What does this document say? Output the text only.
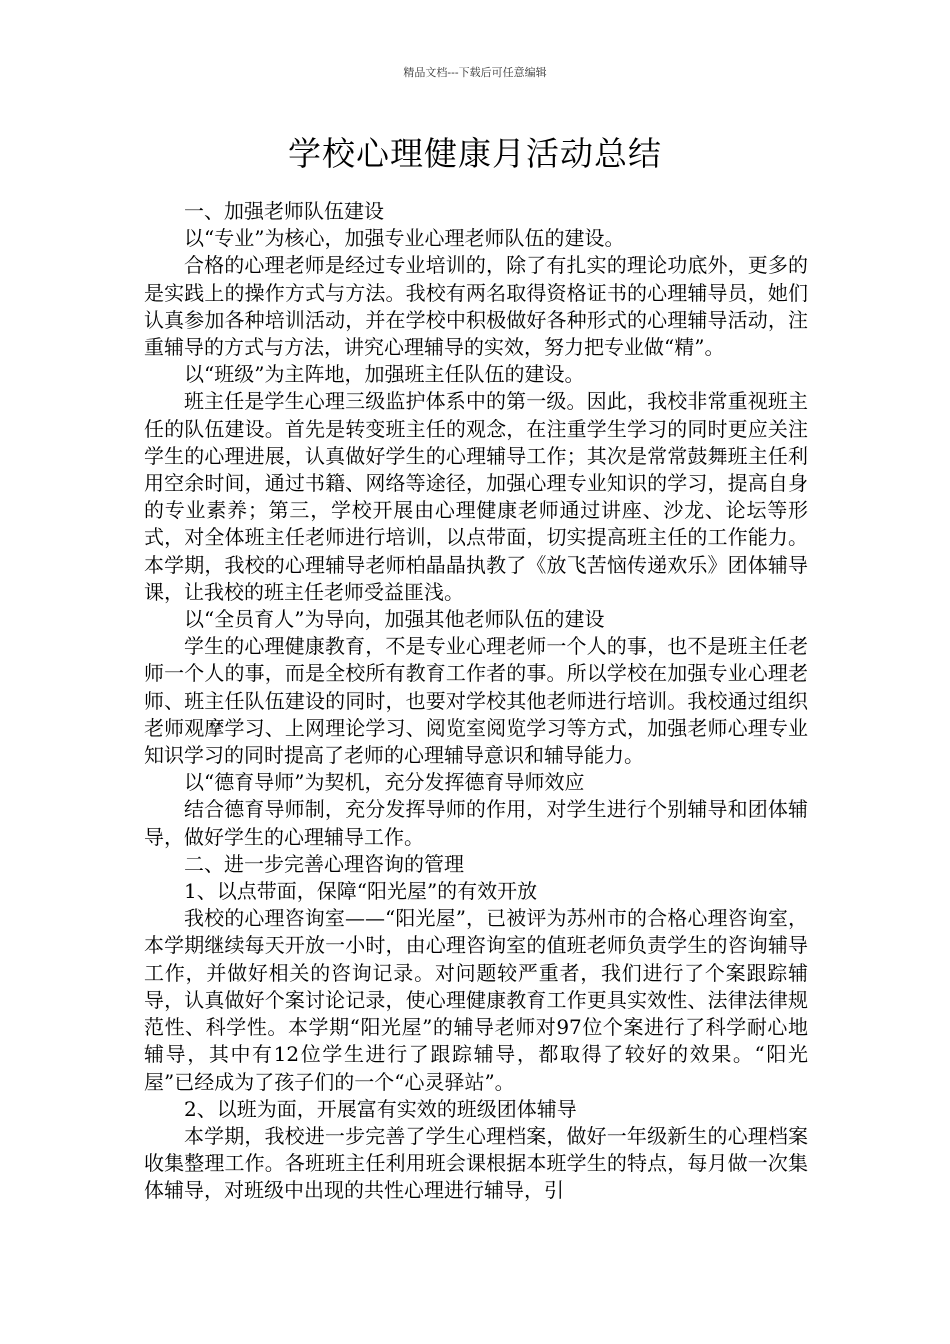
精品文档---下载后可任意编辑
学校心理健康月活动总结

一、加强老师队伍建设

以“专业”为核心，加强专业心理老师队伍的建设。

合格的心理老师是经过专业培训的，除了有扎实的理论功底外，更多的是实践上的操作方式与方法。我校有两名取得资格证书的心理辅导员，她们认真参加各种培训活动，并在学校中积极做好各种形式的心理辅导活动，注重辅导的方式与方法，讲究心理辅导的实效，努力把专业做“精”。

以“班级”为主阵地，加强班主任队伍的建设。

班主任是学生心理三级监护体系中的第一级。因此，我校非常重视班主任的队伍建设。首先是转变班主任的观念，在注重学生学习的同时更应关注学生的心理进展，认真做好学生的心理辅导工作；其次是常常鼓舞班主任利用空余时间，通过书籍、网络等途径，加强心理专业知识的学习，提高自身的专业素养；第三，学校开展由心理健康老师通过讲座、沙龙、论坛等形式，对全体班主任老师进行培训，以点带面，切实提高班主任的工作能力。本学期，我校的心理辅导老师柏晶晶执教了《放飞苦恼传递欢乐》团体辅导课，让我校的班主任老师受益匪浅。

以“全员育人”为导向，加强其他老师队伍的建设

学生的心理健康教育，不是专业心理老师一个人的事，也不是班主任老师一个人的事，而是全校所有教育工作者的事。所以学校在加强专业心理老师、班主任队伍建设的同时，也要对学校其他老师进行培训。我校通过组织老师观摩学习、上网理论学习、阅览室阅览学习等方式，加强老师心理专业知识学习的同时提高了老师的心理辅导意识和辅导能力。

以“德育导师”为契机，充分发挥德育导师效应

结合德育导师制，充分发挥导师的作用，对学生进行个别辅导和团体辅导，做好学生的心理辅导工作。

二、进一步完善心理咨询的管理

1、以点带面，保障“阳光屋”的有效开放

我校的心理咨询室——“阳光屋”，已被评为苏州市的合格心理咨询室，本学期继续每天开放一小时，由心理咨询室的值班老师负责学生的咨询辅导工作，并做好相关的咨询记录。对问题较严重者，我们进行了个案跟踪辅导，认真做好个案讨论记录，使心理健康教育工作更具实效性、法律法律规范性、科学性。本学期“阳光屋”的辅导老师对97位个案进行了科学耐心地辅导，其中有12位学生进行了跟踪辅导，都取得了较好的效果。“阳光屋”已经成为了孩子们的一个“心灵驿站”。

2、以班为面，开展富有实效的班级团体辅导

本学期，我校进一步完善了学生心理档案，做好一年级新生的心理档案收集整理工作。各班班主任利用班会课根据本班学生的特点，每月做一次集体辅导，对班级中出现的共性心理进行辅导，引
